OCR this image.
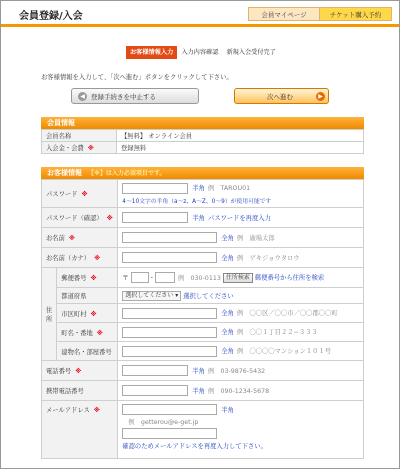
会員登録/入会	会員マイページ	チケット購入予約
お客様情報入力	入力内容確認	新規入会受付完了
お客様情報を入力して、「次へ進む」ボタンをクリックして下さい。
◀ 登録手続きを中止する	次へ進む	▶
会員情報
会員名称	【無料】 オンライン会員
入会金・会費 ※	登録無料
お客様情報 【※】は入力必須項目です。
パスワード ※		半角 例　TAROU01
4〜10文字の半角（a〜z、A〜Z、0〜9）が使用可能です

パスワード（確認） ※		半角 パスワードを再度入力
お名前 ※		全角 例　廣場太郎
お名前（カナ） ※		全角 例　ゲキジョウタロウ
住所	郵便番号 ※	〒 - 例　030-0113 住所検索 郵便番号から住所を検索
	都道府県	選択してください ▾ 選択してください
	市区町村 ※	全角 例　〇〇区／〇〇市／〇〇郡〇〇町
	町名・番地 ※	全角 例　〇〇１丁目２２−３３３
	建物名・部屋番号	全角 例　〇〇〇〇マンション１０１号
電話番号 ※		半角 例　03-9876-5432
携帯電話番号		半角 例　090-1234-5678
メールアドレス ※		半角
例　getterou@e-get.jp
確認のためメールアドレスを再度入力して下さい。
